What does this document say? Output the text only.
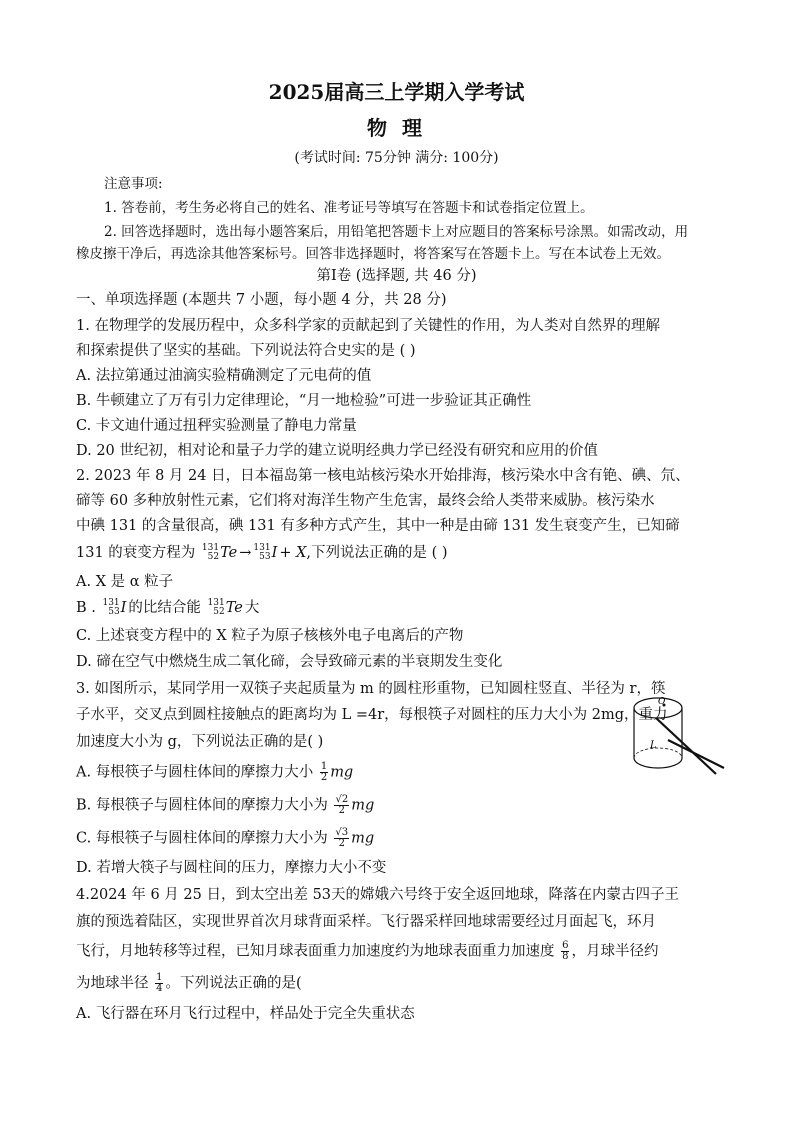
2025届高三上学期入学考试
物 理
(考试时间: 75分钟 满分: 100分)
注意事项:
1. 答卷前，考生务必将自己的姓名、准考证号等填写在答题卡和试卷指定位置上。
2. 回答选择题时，选出每小题答案后，用铅笔把答题卡上对应题目的答案标号涂黑。如需改动，用
橡皮擦干净后，再选涂其他答案标号。回答非选择题时，将答案写在答题卡上。写在本试卷上无效。
第Ⅰ卷 (选择题, 共 46 分)
一、单项选择题 (本题共 7 小题，每小题 4 分，共 28 分)
1. 在物理学的发展历程中，众多科学家的贡献起到了关键性的作用，为人类对自然界的理解
和探索提供了坚实的基础。下列说法符合史实的是 ( )
A. 法拉第通过油滴实验精确测定了元电荷的值
B. 牛顿建立了万有引力定律理论，“月一地检验”可进一步验证其正确性
C. 卡文迪什通过扭秤实验测量了静电力常量
D. 20 世纪初，相对论和量子力学的建立说明经典力学已经没有研究和应用的价值
2. 2023 年 8 月 24 日，日本福岛第一核电站核污染水开始排海，核污染水中含有铯、碘、氘、
碲等 60 多种放射性元素，它们将对海洋生物产生危害，最终会给人类带来威胁。核污染水
中碘 131 的含量很高，碘 131 有多种方式产生，其中一种是由碲 131 发生衰变产生，已知碲
131 的衰变方程为 131
52 Te → 131
53 I + X,下列说法正确的是 ( )
A. X 是 α 粒子
B . 131
53 I 的比结合能 131
52 Te 大
C. 上述衰变方程中的 X 粒子为原子核核外电子电离后的产物
D. 碲在空气中燃烧生成二氧化碲，会导致碲元素的半衰期发生变化
3. 如图所示，某同学用一双筷子夹起质量为 m 的圆柱形重物，已知圆柱竖直、半径为 r，筷
子水平，交叉点到圆柱接触点的距离均为 L =4r，每根筷子对圆柱的压力大小为 2mg，重力
加速度大小为 g，下列说法正确的是( )
A. 每根筷子与圆柱体间的摩擦力大小 $\frac{1}{2}$ mg
B. 每根筷子与圆柱体间的摩擦力大小为 $\frac{√2}{2}$ mg
C. 每根筷子与圆柱体间的摩擦力大小为 $\frac{√3}{2}$ mg
D. 若增大筷子与圆柱间的压力，摩擦力大小不变
O
L
4.2024 年 6 月 25 日，到太空出差 53天的嫦娥六号终于安全返回地球，降落在内蒙古四子王
旗的预选着陆区，实现世界首次月球背面采样。飞行器采样回地球需要经过月面起飞，环月
飞行，月地转移等过程，已知月球表面重力加速度约为地球表面重力加速度 $\frac{6}{8}$ ，月球半径约
为地球半径 $\frac{1}{4}$ 。下列说法正确的是(
A. 飞行器在环月飞行过程中，样品处于完全失重状态
